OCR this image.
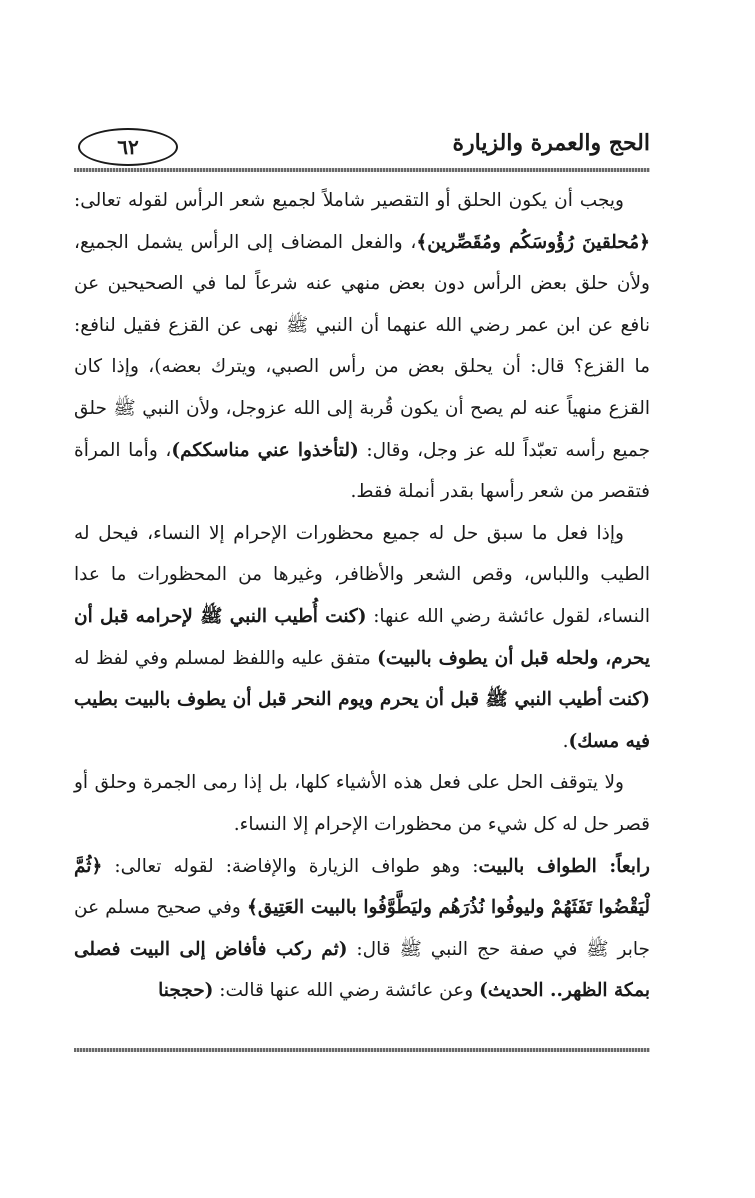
٦٢	الحج والعمرة والزيارة

ويجب أن يكون الحلق أو التقصير شاملاً لجميع شعر الرأس لقوله تعالى: ﴿مُحلقينَ رُؤُوسَكُم ومُقَصِّرين﴾، والفعل المضاف إلى الرأس يشمل الجميع، ولأن حلق بعض الرأس دون بعض منهي عنه شرعاً لما في الصحيحين عن نافع عن ابن عمر رضي الله عنهما أن النبي ﷺ نهى عن القزع فقيل لنافع: ما القزع؟ قال: أن يحلق بعض من رأس الصبي، ويترك بعضه)، وإذا كان القزع منهياً عنه لم يصح أن يكون قُربة إلى الله عزوجل، ولأن النبي ﷺ حلق جميع رأسه تعبّداً لله عز وجل، وقال: (لتأخذوا عني مناسككم)، وأما المرأة فتقصر من شعر رأسها بقدر أنملة فقط.

وإذا فعل ما سبق حل له جميع محظورات الإحرام إلا النساء، فيحل له الطيب واللباس، وقص الشعر والأظافر، وغيرها من المحظورات ما عدا النساء، لقول عائشة رضي الله عنها: (كنت أُطيب النبي ﷺ لإحرامه قبل أن يحرم، ولحله قبل أن يطوف بالبيت) متفق عليه واللفظ لمسلم وفي لفظ له (كنت أطيب النبي ﷺ قبل أن يحرم ويوم النحر قبل أن يطوف بالبيت بطيب فيه مسك).

ولا يتوقف الحل على فعل هذه الأشياء كلها، بل إذا رمى الجمرة وحلق أو قصر حل له كل شيء من محظورات الإحرام إلا النساء.

رابعاً: الطواف بالبيت: وهو طواف الزيارة والإفاضة: لقوله تعالى: ﴿ثُمَّ لْيَقْضُوا تَفَثَهُمْ وليوفُوا نُذُرَهُم وليَطَّوَّفُوا بالبيت العَتِيق﴾ وفي صحيح مسلم عن جابر ﷺ في صفة حج النبي ﷺ قال: (ثم ركب فأفاض إلى البيت فصلى بمكة الظهر.. الحديث) وعن عائشة رضي الله عنها قالت: (حججنا
